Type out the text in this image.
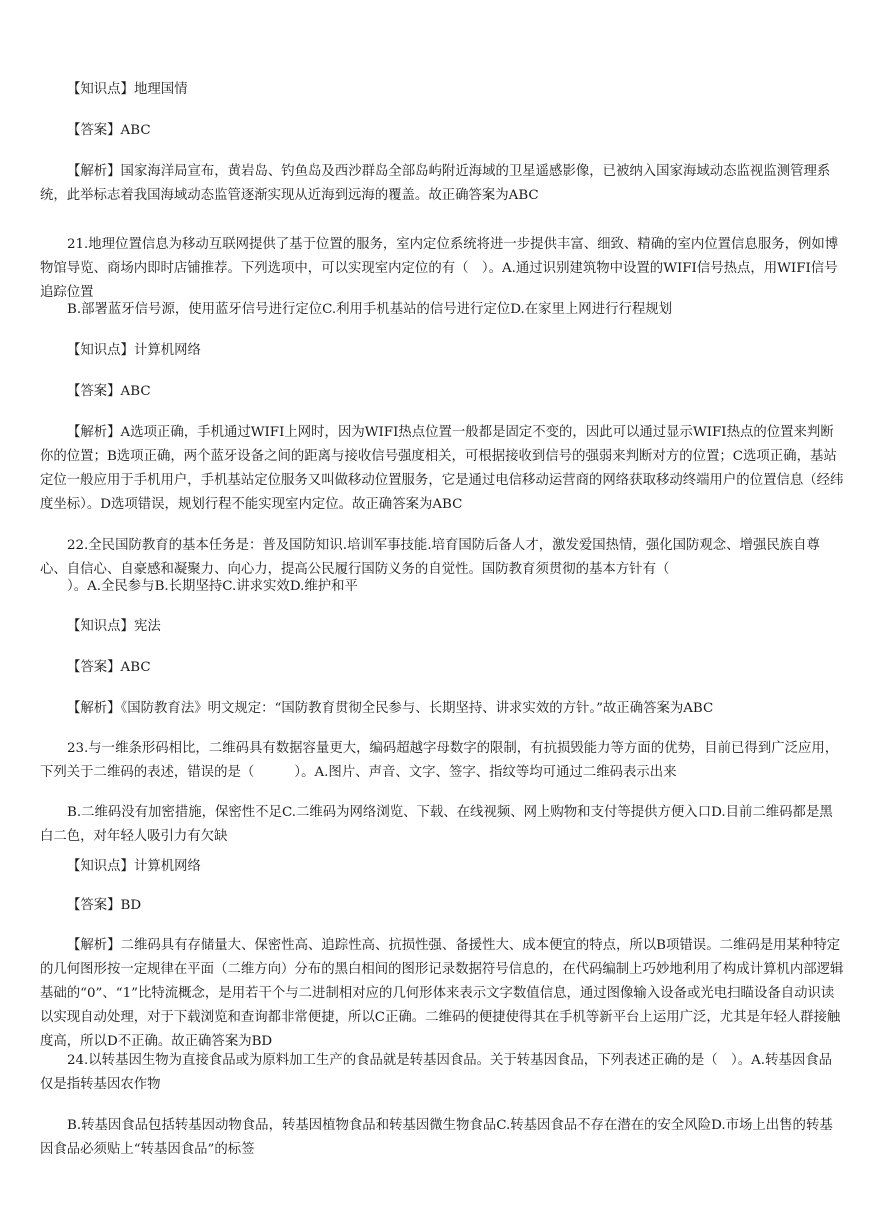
【知识点】地理国情

【答案】ABC

【解析】国家海洋局宣布，黄岩岛、钓鱼岛及西沙群岛全部岛屿附近海域的卫星遥感影像，已被纳入国家海域动态监视监测管理系统，此举标志着我国海域动态监管逐渐实现从近海到远海的覆盖。故正确答案为ABC

21.地理位置信息为移动互联网提供了基于位置的服务，室内定位系统将进一步提供丰富、细致、精确的室内位置信息服务，例如博物馆导览、商场内即时店铺推荐。下列选项中，可以实现室内定位的有（　）。A.通过识别建筑物中设置的WIFI信号热点，用WIFI信号追踪位置

B.部署蓝牙信号源，使用蓝牙信号进行定位C.利用手机基站的信号进行定位D.在家里上网进行行程规划

【知识点】计算机网络

【答案】ABC

【解析】A选项正确，手机通过WIFI上网时，因为WIFI热点位置一般都是固定不变的，因此可以通过显示WIFI热点的位置来判断你的位置；B选项正确，两个蓝牙设备之间的距离与接收信号强度相关，可根据接收到信号的强弱来判断对方的位置；C选项正确，基站定位一般应用于手机用户，手机基站定位服务又叫做移动位置服务，它是通过电信移动运营商的网络获取移动终端用户的位置信息（经纬度坐标）。D选项错误，规划行程不能实现室内定位。故正确答案为ABC

22.全民国防教育的基本任务是：普及国防知识.培训军事技能.培育国防后备人才，激发爱国热情，强化国防观念、增强民族自尊心、自信心、自豪感和凝聚力、向心力，提高公民履行国防义务的自觉性。国防教育须贯彻的基本方针有（

）。A.全民参与B.长期坚持C.讲求实效D.维护和平

【知识点】宪法

【答案】ABC

【解析】《国防教育法》明文规定：“国防教育贯彻全民参与、长期坚持、讲求实效的方针。”故正确答案为ABC

23.与一维条形码相比，二维码具有数据容量更大，编码超越字母数字的限制，有抗损毁能力等方面的优势，目前已得到广泛应用，下列关于二维码的表述，错误的是（　　　）。A.图片、声音、文字、签字、指纹等均可通过二维码表示出来

B.二维码没有加密措施，保密性不足C.二维码为网络浏览、下载、在线视频、网上购物和支付等提供方便入口D.目前二维码都是黑白二色，对年轻人吸引力有欠缺

【知识点】计算机网络

【答案】BD

【解析】二维码具有存储量大、保密性高、追踪性高、抗损性强、备援性大、成本便宜的特点，所以B项错误。二维码是用某种特定的几何图形按一定规律在平面（二维方向）分布的黑白相间的图形记录数据符号信息的，在代码编制上巧妙地利用了构成计算机内部逻辑基础的“0”、“1”比特流概念，是用若干个与二进制相对应的几何形体来表示文字数值信息，通过图像输入设备或光电扫瞄设备自动识读以实现自动处理，对于下载浏览和查询都非常便捷，所以C正确。二维码的便捷使得其在手机等新平台上运用广泛，尤其是年轻人群接触度高，所以D不正确。故正确答案为BD

24.以转基因生物为直接食品或为原料加工生产的食品就是转基因食品。关于转基因食品，下列表述正确的是（　）。A.转基因食品仅是指转基因农作物

B.转基因食品包括转基因动物食品，转基因植物食品和转基因微生物食品C.转基因食品不存在潜在的安全风险D.市场上出售的转基因食品必须贴上“转基因食品”的标签
